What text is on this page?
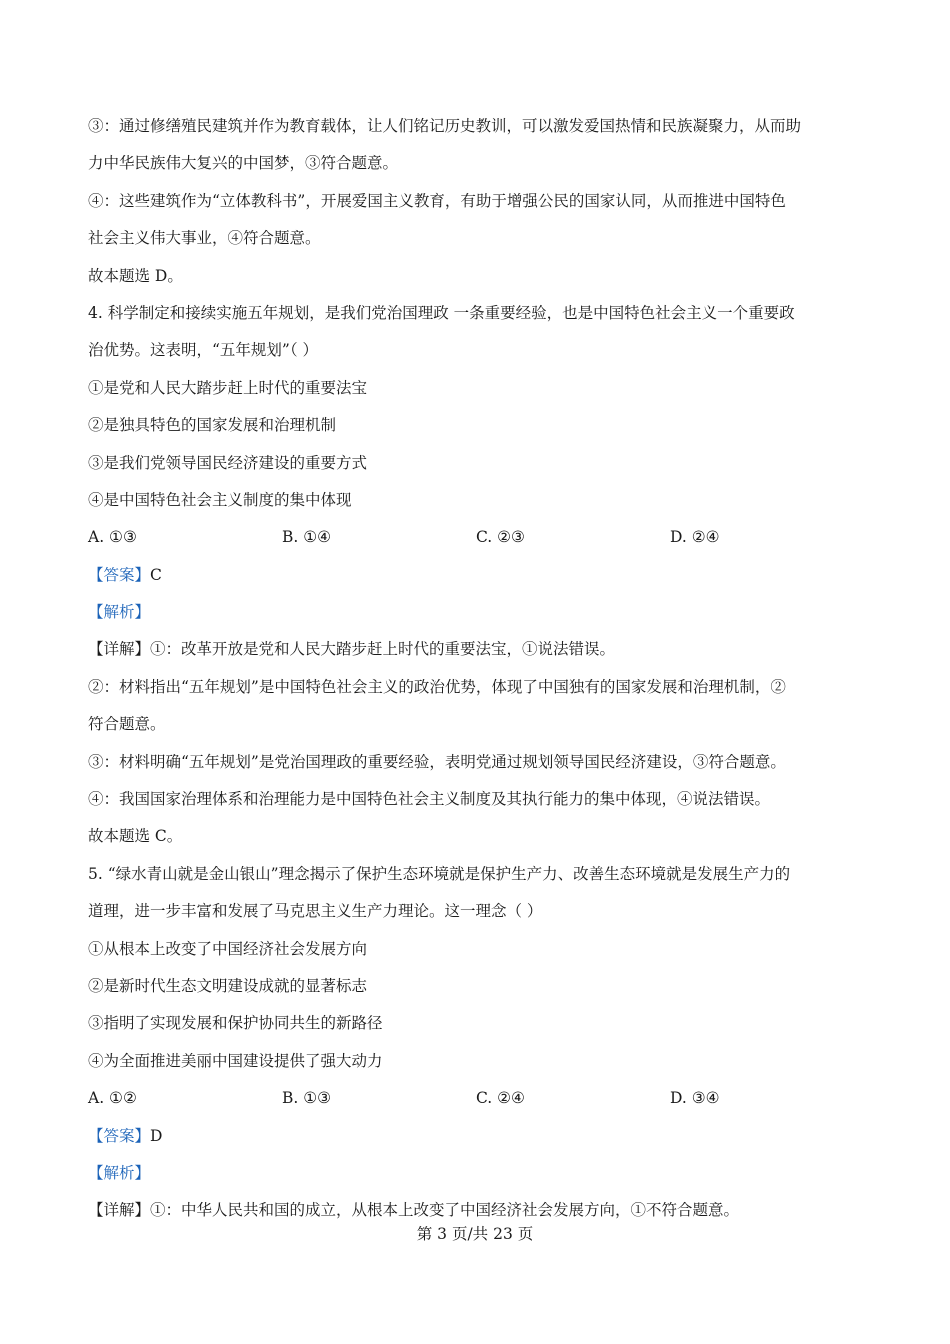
③：通过修缮殖民建筑并作为教育载体，让人们铭记历史教训，可以激发爱国热情和民族凝聚力，从而助
力中华民族伟大复兴的中国梦，③符合题意。
④：这些建筑作为“立体教科书”，开展爱国主义教育，有助于增强公民的国家认同，从而推进中国特色
社会主义伟大事业，④符合题意。
故本题选 D。
4. 科学制定和接续实施五年规划，是我们党治国理政 一条重要经验，也是中国特色社会主义一个重要政
治优势。这表明，“五年规划”（ ）
①是党和人民大踏步赶上时代的重要法宝
②是独具特色的国家发展和治理机制
③是我们党领导国民经济建设的重要方式
④是中国特色社会主义制度的集中体现
A. ①③	B. ①④	C. ②③	D. ②④
【答案】C
【解析】
【详解】①：改革开放是党和人民大踏步赶上时代的重要法宝，①说法错误。
②：材料指出“五年规划”是中国特色社会主义的政治优势，体现了中国独有的国家发展和治理机制，②
符合题意。
③：材料明确“五年规划”是党治国理政的重要经验，表明党通过规划领导国民经济建设，③符合题意。
④：我国国家治理体系和治理能力是中国特色社会主义制度及其执行能力的集中体现，④说法错误。
故本题选 C。
5. “绿水青山就是金山银山”理念揭示了保护生态环境就是保护生产力、改善生态环境就是发展生产力的
道理，进一步丰富和发展了马克思主义生产力理论。这一理念（ ）
①从根本上改变了中国经济社会发展方向
②是新时代生态文明建设成就的显著标志
③指明了实现发展和保护协同共生的新路径
④为全面推进美丽中国建设提供了强大动力
A. ①②	B. ①③	C. ②④	D. ③④
【答案】D
【解析】
【详解】①：中华人民共和国的成立，从根本上改变了中国经济社会发展方向，①不符合题意。
第 3 页/共 23 页
